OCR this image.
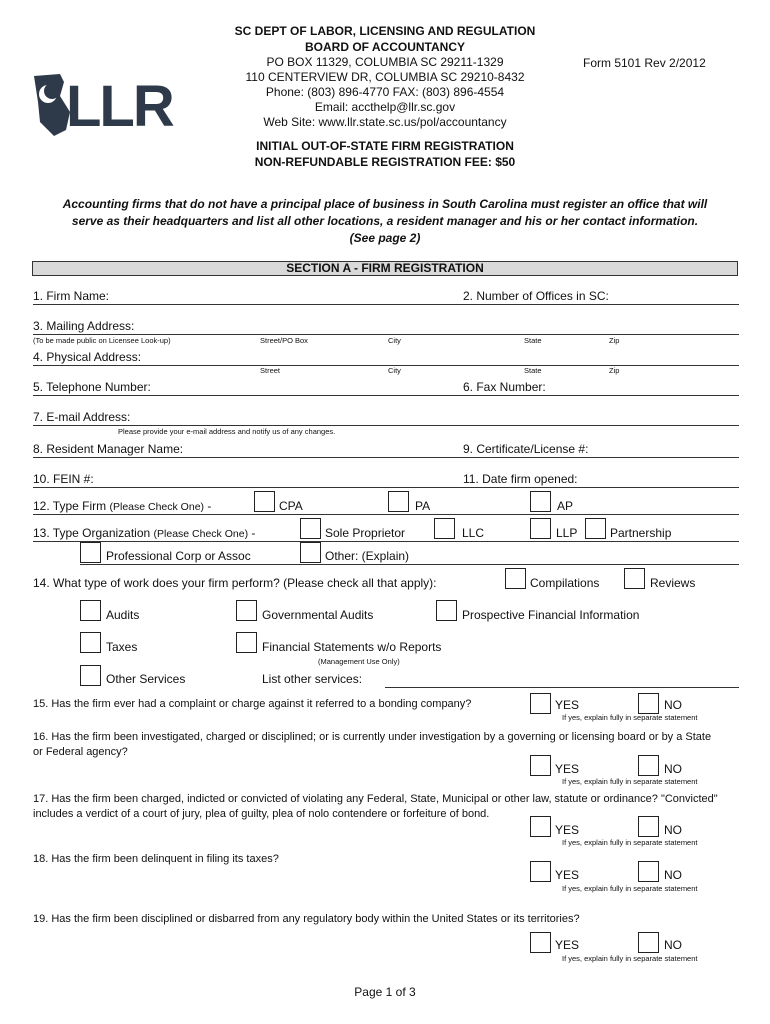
LLR
SC DEPT OF LABOR, LICENSING AND REGULATION
BOARD OF ACCOUNTANCY
PO BOX 11329, COLUMBIA SC 29211-1329
110 CENTERVIEW DR, COLUMBIA SC 29210-8432
Phone: (803) 896-4770 FAX: (803) 896-4554
Email: accthelp@llr.sc.gov
Web Site: www.llr.state.sc.us/pol/accountancy
Form 5101 Rev 2/2012
INITIAL OUT-OF-STATE FIRM REGISTRATION
NON-REFUNDABLE REGISTRATION FEE: $50
Accounting firms that do not have a principal place of business in South Carolina must register an office that will
serve as their headquarters and list all other locations, a resident manager and his or her contact information.
(See page 2)
SECTION A - FIRM REGISTRATION
1. Firm Name:	2. Number of Offices in SC:
3. Mailing Address:
(To be made public on Licensee Look-up)	Street/PO Box	City	State	Zip
4. Physical Address:
Street	City	State	Zip
5. Telephone Number:	6. Fax Number:
7. E-mail Address:
Please provide your e-mail address and notify us of any changes.
8. Resident Manager Name:	9. Certificate/License #:
10. FEIN #:	11. Date firm opened:
12. Type Firm (Please Check One) -	CPA	PA	AP
13. Type Organization (Please Check One) -	Sole Proprietor	LLC	LLP	Partnership
Professional Corp or Assoc	Other: (Explain)
14. What type of work does your firm perform? (Please check all that apply):	Compilations	Reviews
Audits	Governmental Audits	Prospective Financial Information
Taxes	Financial Statements w/o Reports
(Management Use Only)
Other Services	List other services:
15. Has the firm ever had a complaint or charge against it referred to a bonding company?	YES	NO
If yes, explain fully in separate statement
16. Has the firm been investigated, charged or disciplined; or is currently under investigation by a governing or licensing board or by a State or Federal agency?
YES	NO
If yes, explain fully in separate statement
17. Has the firm been charged, indicted or convicted of violating any Federal, State, Municipal or other law, statute or ordinance? "Convicted" includes a verdict of a court of jury, plea of guilty, plea of nolo contendere or forfeiture of bond.
YES	NO
If yes, explain fully in separate statement
18. Has the firm been delinquent in filing its taxes?
YES	NO
If yes, explain fully in separate statement
19. Has the firm been disciplined or disbarred from any regulatory body within the United States or its territories?
YES	NO
If yes, explain fully in separate statement
Page 1 of 3
